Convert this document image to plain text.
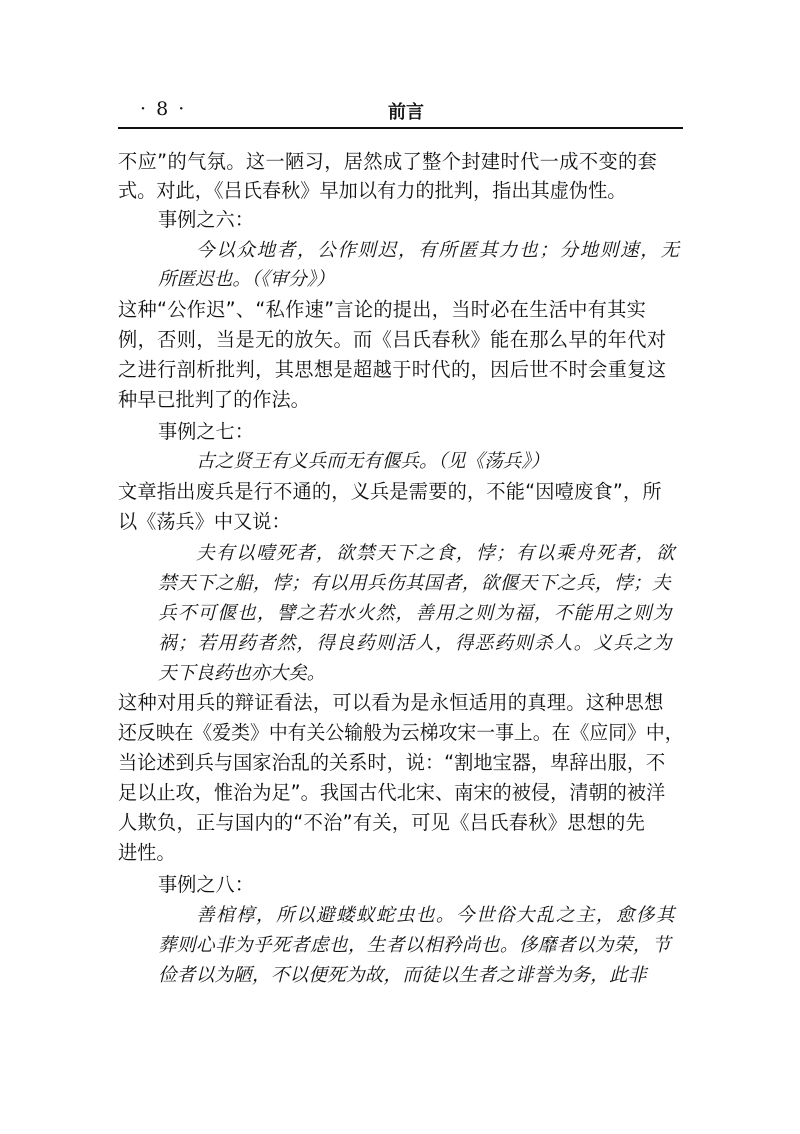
· 8 ·	前言
不应”的气氛。这一陋习，居然成了整个封建时代一成不变的套
式。对此，《吕氏春秋》早加以有力的批判，指出其虚伪性。
事例之六：
今以众地者，公作则迟，有所匿其力也；分地则速，无
所匿迟也。（《审分》）
这种“公作迟”、“私作速”言论的提出，当时必在生活中有其实
例，否则，当是无的放矢。而《吕氏春秋》能在那么早的年代对
之进行剖析批判，其思想是超越于时代的，因后世不时会重复这
种早已批判了的作法。
事例之七：
古之贤王有义兵而无有偃兵。（见《荡兵》）
文章指出废兵是行不通的，义兵是需要的，不能“因噎废食”，所
以《荡兵》中又说：
夫有以噎死者，欲禁天下之食，悖；有以乘舟死者，欲
禁天下之船，悖；有以用兵伤其国者，欲偃天下之兵，悖；夫
兵不可偃也，譬之若水火然，善用之则为福，不能用之则为
祸；若用药者然，得良药则活人，得恶药则杀人。义兵之为
天下良药也亦大矣。
这种对用兵的辩证看法，可以看为是永恒适用的真理。这种思想
还反映在《爱类》中有关公输般为云梯攻宋一事上。在《应同》中，
当论述到兵与国家治乱的关系时，说：“割地宝器，卑辞出服，不
足以止攻，惟治为足”。我国古代北宋、南宋的被侵，清朝的被洋
人欺负，正与国内的“不治”有关，可见《吕氏春秋》思想的先
进性。
事例之八：
善棺椁，所以避蝼蚁蛇虫也。今世俗大乱之主，愈侈其
葬则心非为乎死者虑也，生者以相矜尚也。侈靡者以为荣，节
俭者以为陋，不以便死为故，而徒以生者之诽誉为务，此非
